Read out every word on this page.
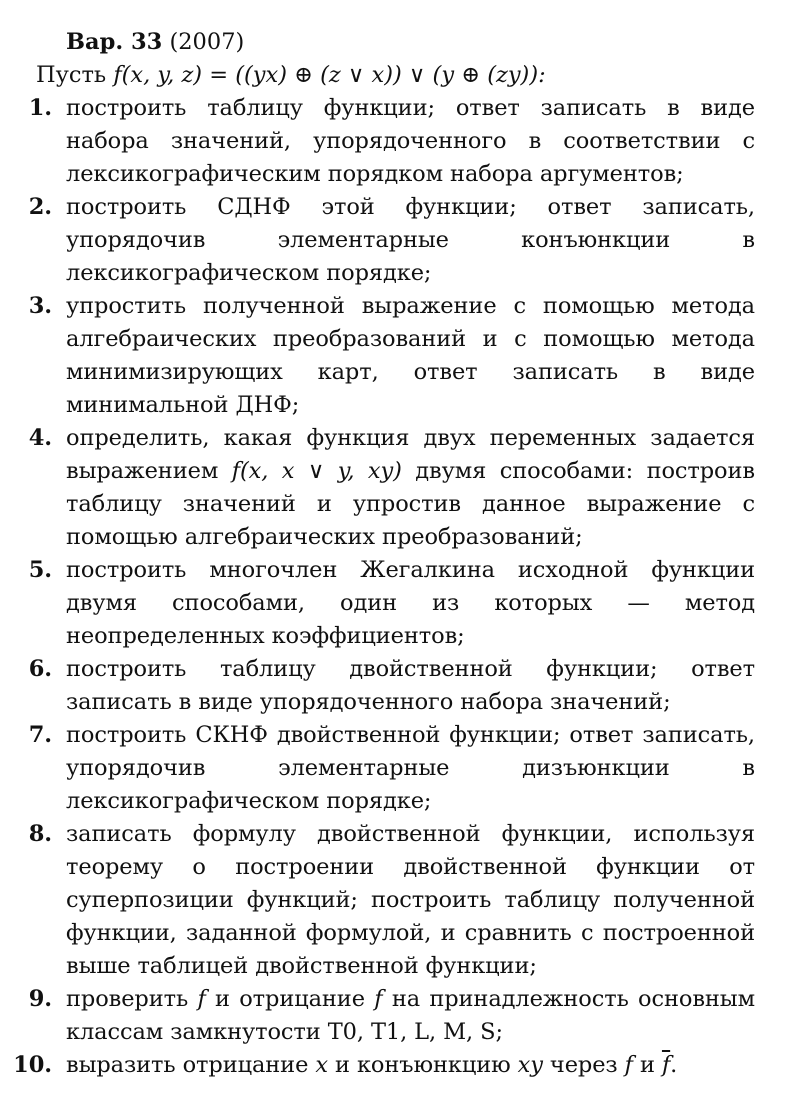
Вар. 33 (2007)
Пусть f(x, y, z) = ((yx) ⊕ (z ∨ x)) ∨ (y ⊕ (zy)):
1. построить таблицу функции; ответ записать в виде набора значений, упорядоченного в соответствии с лексикографическим порядком набора аргументов;
2. построить СДНФ этой функции; ответ записать, упорядочив элементарные конъюнкции в лексикографическом порядке;
3. упростить полученной выражение с помощью метода алгебраических преобразований и с помощью метода минимизирующих карт, ответ записать в виде минимальной ДНФ;
4. определить, какая функция двух переменных задается выражением f(x, x ∨ y, xy) двумя способами: построив таблицу значений и упростив данное выражение с помощью алгебраических преобразований;
5. построить многочлен Жегалкина исходной функции двумя способами, один из которых — метод неопределенных коэффициентов;
6. построить таблицу двойственной функции; ответ записать в виде упорядоченного набора значений;
7. построить СКНФ двойственной функции; ответ записать, упорядочив элементарные дизъюнкции в лексикографическом порядке;
8. записать формулу двойственной функции, используя теорему о построении двойственной функции от суперпозиции функций; построить таблицу полученной функции, заданной формулой, и сравнить с построенной выше таблицей двойственной функции;
9. проверить f и отрицание f на принадлежность основным классам замкнутости T0, T1, L, M, S;
10. выразить отрицание x и конъюнкцию xy через f и $\overline{f}$.
